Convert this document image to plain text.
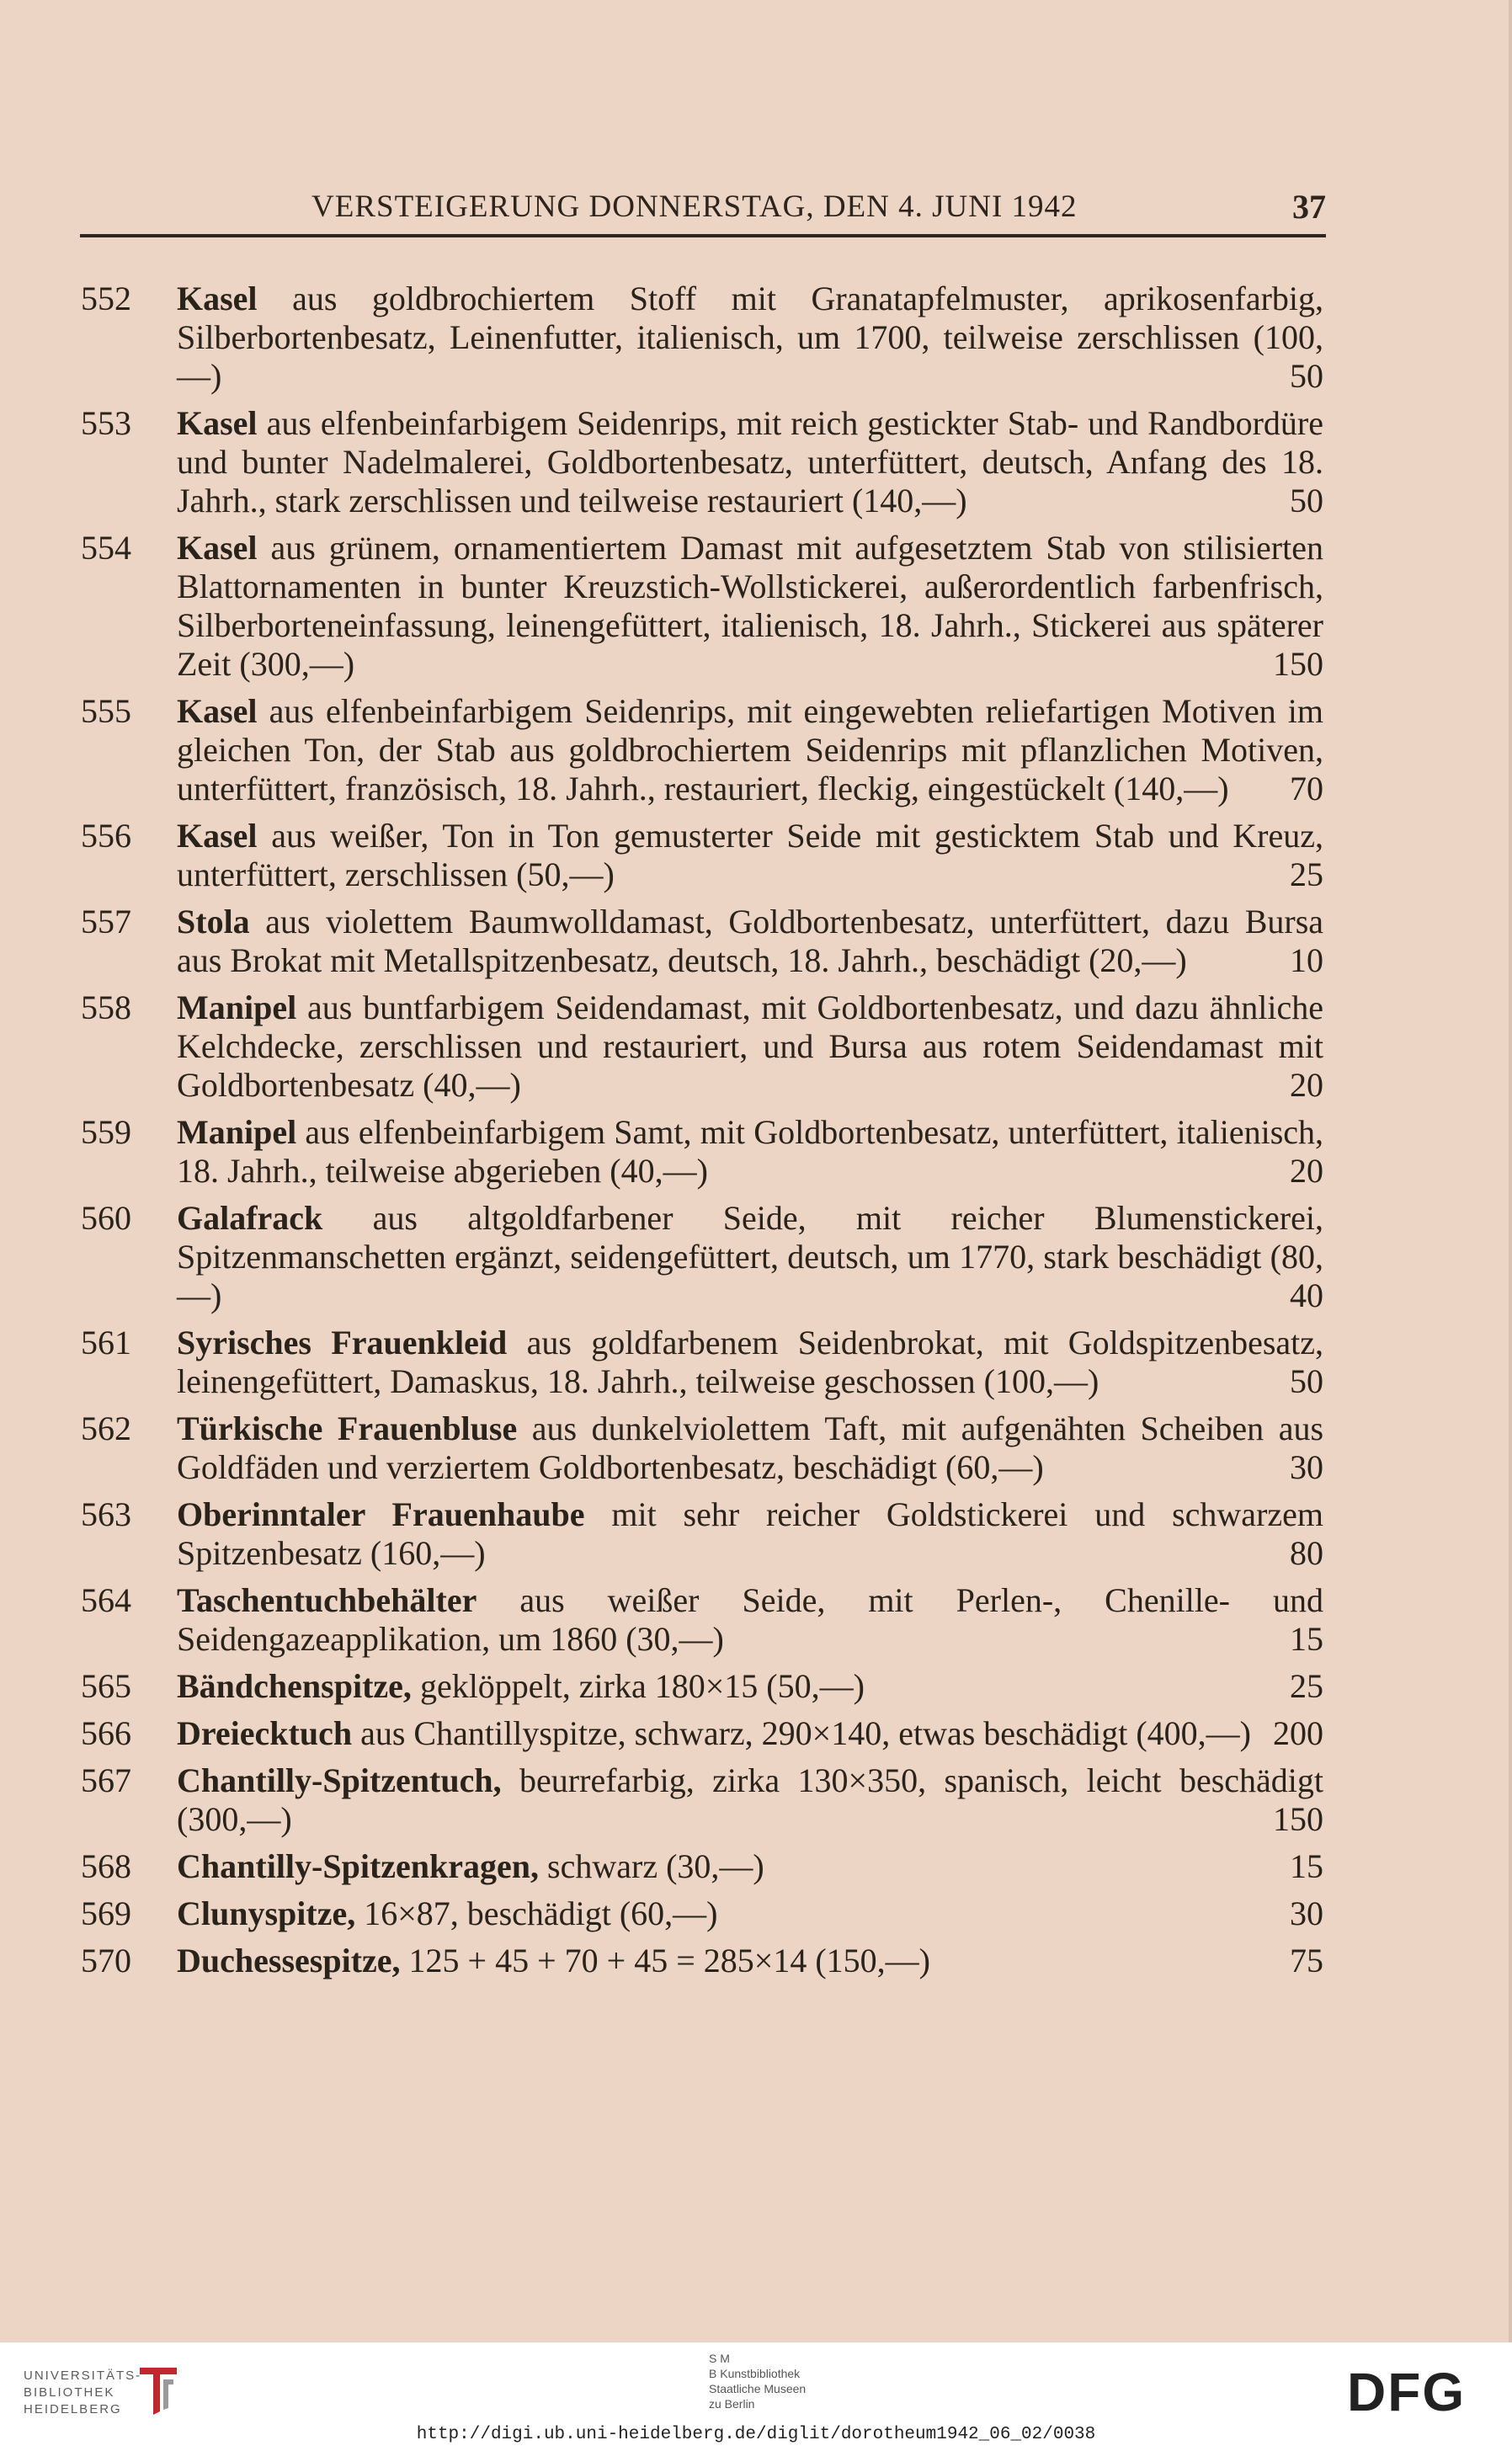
VERSTEIGERUNG DONNERSTAG, DEN 4. JUNI 1942	37
552	Kasel aus goldbrochiertem Stoff mit Granatapfelmuster, aprikosenfarbig, Silberbortenbesatz, Leinenfutter, italienisch, um 1700, teilweise zerschlissen (100,—)	50
553	Kasel aus elfenbeinfarbigem Seidenrips, mit reich gestickter Stab- und Randbordüre und bunter Nadelmalerei, Goldbortenbesatz, unterfüttert, deutsch, Anfang des 18. Jahrh., stark zerschlissen und teilweise restauriert (140,—)	50
554	Kasel aus grünem, ornamentiertem Damast mit aufgesetztem Stab von stilisierten Blattornamenten in bunter Kreuzstich-Wollstickerei, außerordentlich farbenfrisch, Silberborteneinfassung, leinengefüttert, italienisch, 18. Jahrh., Stickerei aus späterer Zeit (300,—)	150
555	Kasel aus elfenbeinfarbigem Seidenrips, mit eingewebten reliefartigen Motiven im gleichen Ton, der Stab aus goldbrochiertem Seidenrips mit pflanzlichen Motiven, unterfüttert, französisch, 18. Jahrh., restauriert, fleckig, eingestückelt (140,—) 70
556	Kasel aus weißer, Ton in Ton gemusterter Seide mit gesticktem Stab und Kreuz, unterfüttert, zerschlissen (50,—)	25
557	Stola aus violettem Baumwolldamast, Goldbortenbesatz, unterfüttert, dazu Bursa aus Brokat mit Metallspitzenbesatz, deutsch, 18. Jahrh., beschädigt (20,—)	10
558	Manipel aus buntfarbigem Seidendamast, mit Goldbortenbesatz, und dazu ähnliche Kelchdecke, zerschlissen und restauriert, und Bursa aus rotem Seidendamast mit Goldbortenbesatz (40,—)	20
559	Manipel aus elfenbeinfarbigem Samt, mit Goldbortenbesatz, unterfüttert, italienisch, 18. Jahrh., teilweise abgerieben (40,—)	20
560	Galafrack aus altgoldfarbener Seide, mit reicher Blumenstickerei, Spitzenmanschetten ergänzt, seidengefüttert, deutsch, um 1770, stark beschädigt (80,—)	40
561	Syrisches Frauenkleid aus goldfarbenem Seidenbrokat, mit Goldspitzenbesatz, leinengefüttert, Damaskus, 18. Jahrh., teilweise geschossen (100,—)	50
562	Türkische Frauenbluse aus dunkelviolettem Taft, mit aufgenähten Scheiben aus Goldfäden und verziertem Goldbortenbesatz, beschädigt (60,—)	30
563	Oberinntaler Frauenhaube mit sehr reicher Goldstickerei und schwarzem Spitzenbesatz (160,—)	80
564	Taschentuchbehälter aus weißer Seide, mit Perlen-, Chenille- und Seidengazeapplikation, um 1860 (30,—)	15
565	Bändchenspitze, geklöppelt, zirka 180×15 (50,—)	25
566	Dreiecktuch aus Chantillyspitze, schwarz, 290×140, etwas beschädigt (400,—) 200
567	Chantilly-Spitzentuch, beurrefarbig, zirka 130×350, spanisch, leicht beschädigt (300,—)	150
568	Chantilly-Spitzenkragen, schwarz (30,—)	15
569	Clunyspitze, 16×87, beschädigt (60,—)	30
570	Duchessespitze, 125 + 45 + 70 + 45 = 285×14 (150,—)	75
UNIVERSITÄTS-
BIBLIOTHEK
HEIDELBERG
S M
B Kunstbibliothek
Staatliche Museen
zu Berlin	DFG
http://digi.ub.uni-heidelberg.de/diglit/dorotheum1942_06_02/0038
